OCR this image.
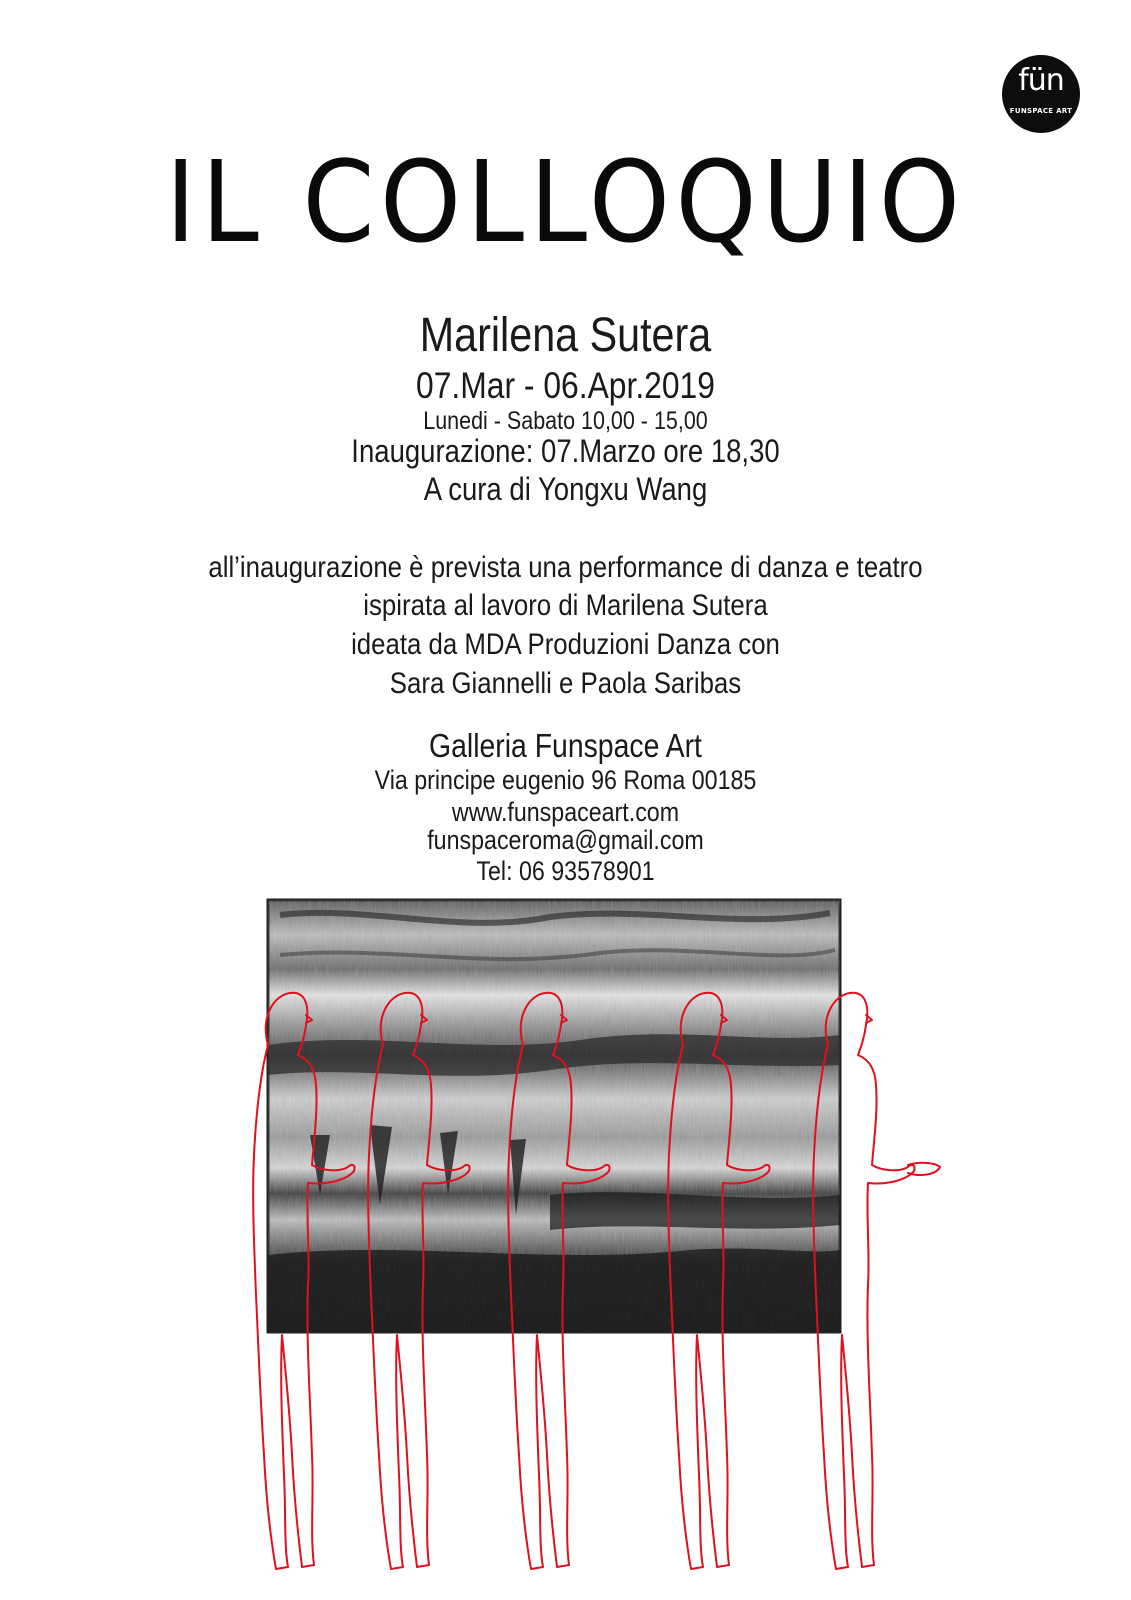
fün
FUNSPACE ART
IL COLLOQUIO
Marilena Sutera
07.Mar - 06.Apr.2019
Lunedi - Sabato 10,00 - 15,00
Inaugurazione: 07.Marzo ore 18,30
A cura di Yongxu Wang
all’inaugurazione è prevista una performance di danza e teatro
ispirata al lavoro di Marilena Sutera
ideata da MDA Produzioni Danza con
Sara Giannelli e Paola Saribas
Galleria Funspace Art
Via principe eugenio 96 Roma 00185
www.funspaceart.com
funspaceroma@gmail.com
Tel: 06 93578901
